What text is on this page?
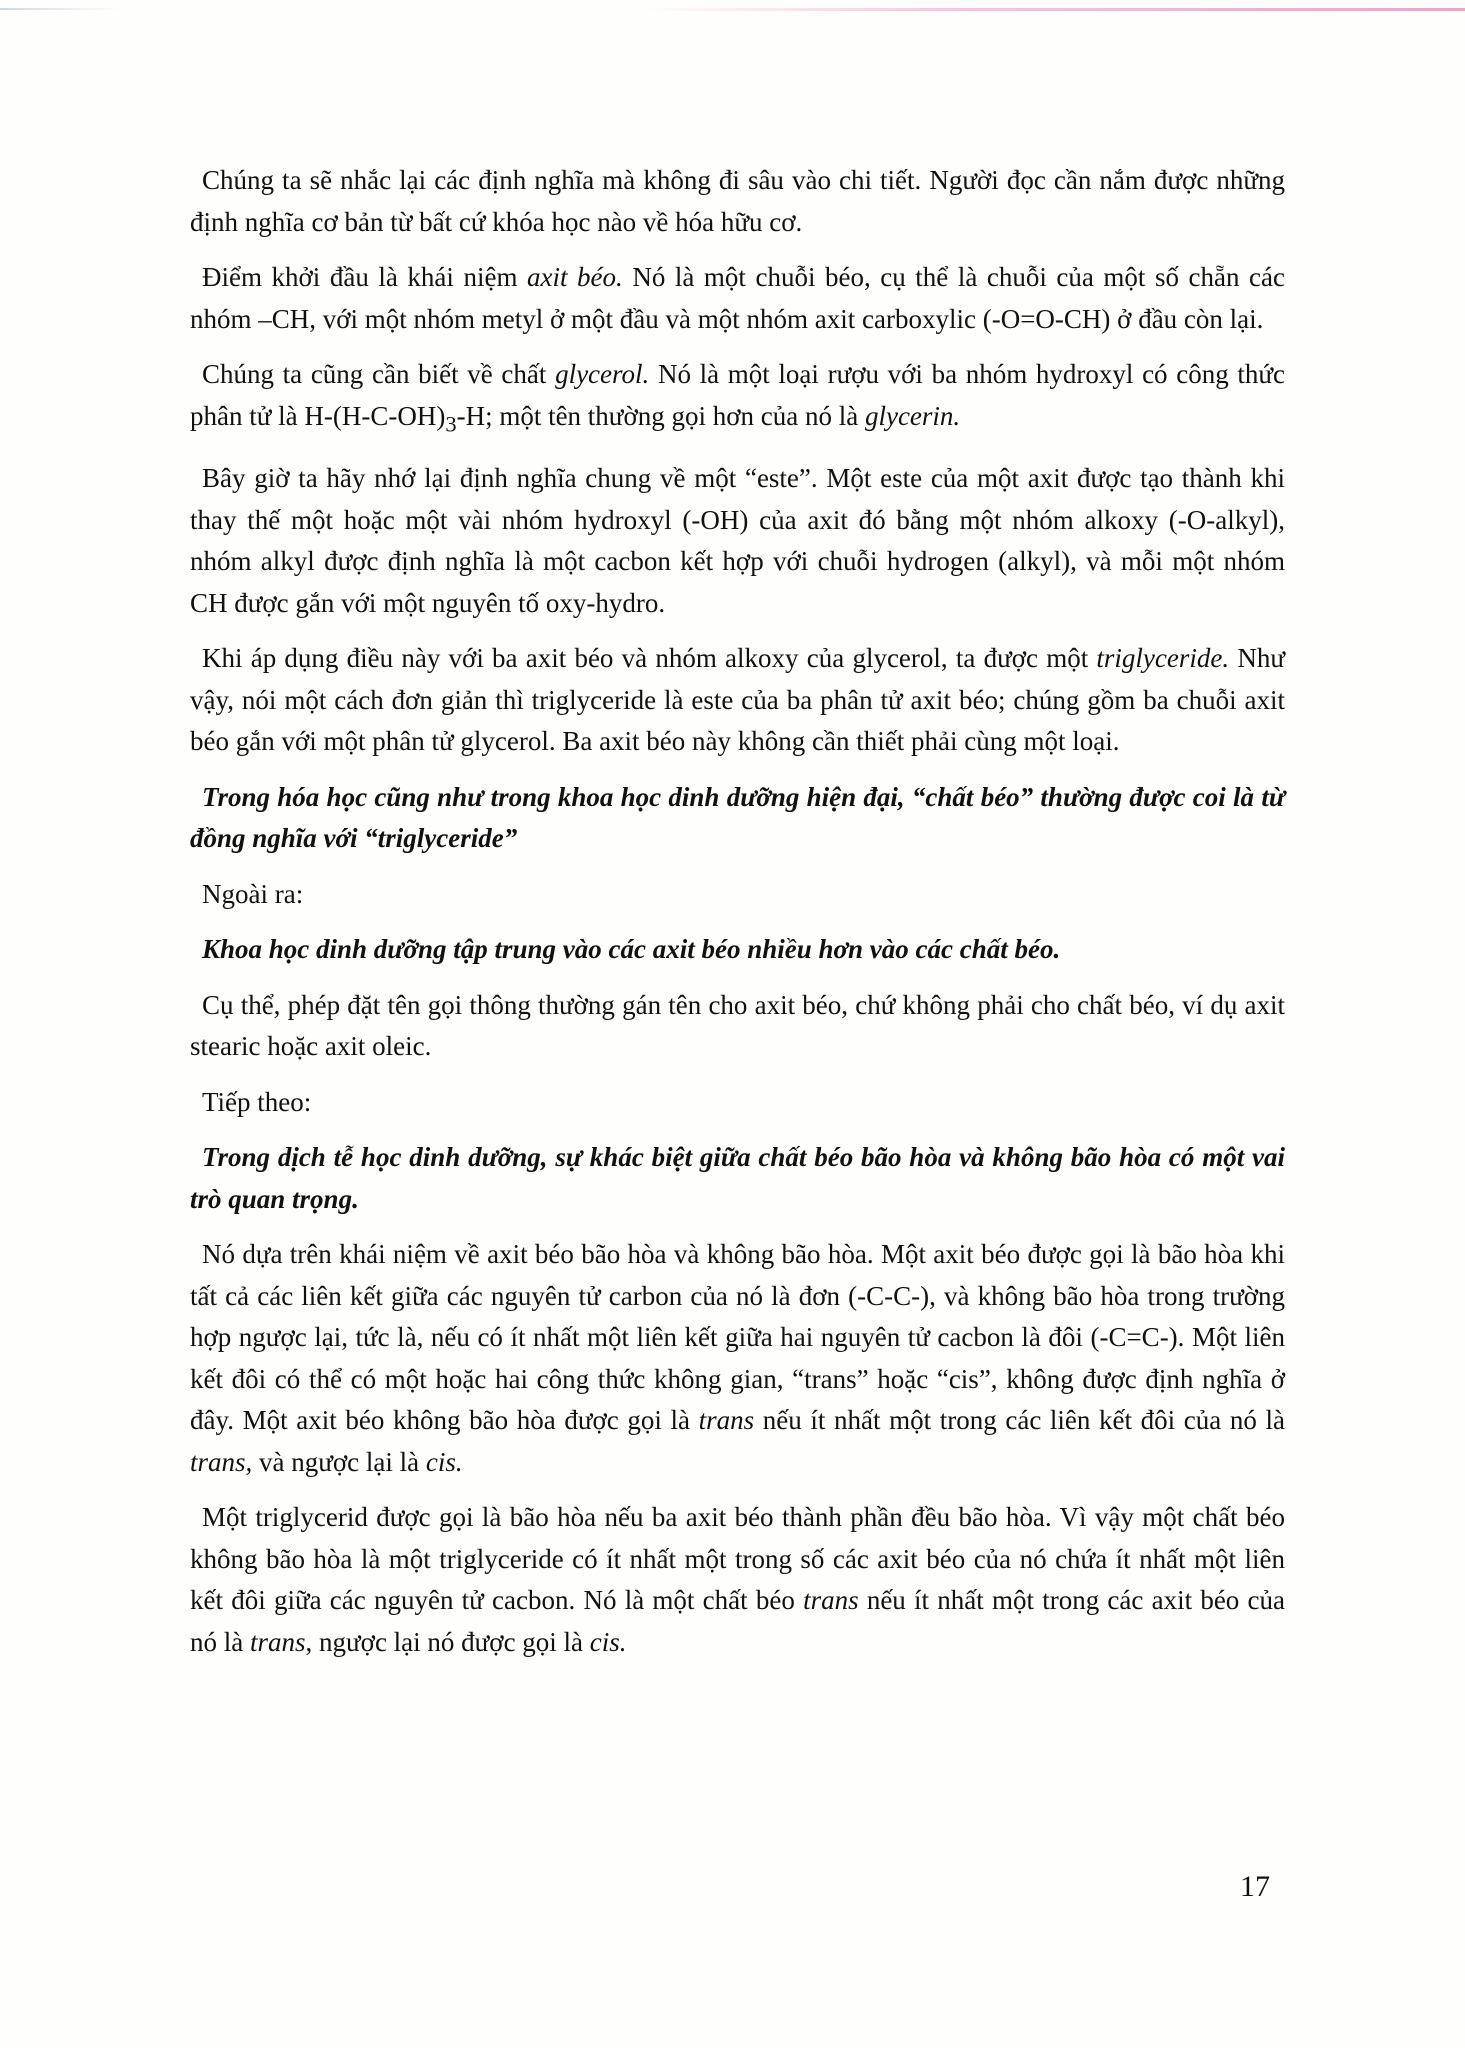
Chúng ta sẽ nhắc lại các định nghĩa mà không đi sâu vào chi tiết. Người đọc cần nắm được những định nghĩa cơ bản từ bất cứ khóa học nào về hóa hữu cơ.

Điểm khởi đầu là khái niệm axit béo. Nó là một chuỗi béo, cụ thể là chuỗi của một số chẵn các nhóm –CH, với một nhóm metyl ở một đầu và một nhóm axit carboxylic (-O=O-CH) ở đầu còn lại.

Chúng ta cũng cần biết về chất glycerol. Nó là một loại rượu với ba nhóm hydroxyl có công thức phân tử là $H-(H-C-OH)_3-H$; một tên thường gọi hơn của nó là glycerin.

Bây giờ ta hãy nhớ lại định nghĩa chung về một “este”. Một este của một axit được tạo thành khi thay thế một hoặc một vài nhóm hydroxyl (-OH) của axit đó bằng một nhóm alkoxy (-O-alkyl), nhóm alkyl được định nghĩa là một cacbon kết hợp với chuỗi hydrogen (alkyl), và mỗi một nhóm CH được gắn với một nguyên tố oxy-hydro.

Khi áp dụng điều này với ba axit béo và nhóm alkoxy của glycerol, ta được một triglyceride. Như vậy, nói một cách đơn giản thì triglyceride là este của ba phân tử axit béo; chúng gồm ba chuỗi axit béo gắn với một phân tử glycerol. Ba axit béo này không cần thiết phải cùng một loại.

Trong hóa học cũng như trong khoa học dinh dưỡng hiện đại, “chất béo” thường được coi là từ đồng nghĩa với “triglyceride”

Ngoài ra:

Khoa học dinh dưỡng tập trung vào các axit béo nhiều hơn vào các chất béo.

Cụ thể, phép đặt tên gọi thông thường gán tên cho axit béo, chứ không phải cho chất béo, ví dụ axit stearic hoặc axit oleic.

Tiếp theo:

Trong dịch tễ học dinh dưỡng, sự khác biệt giữa chất béo bão hòa và không bão hòa có một vai trò quan trọng.

Nó dựa trên khái niệm về axit béo bão hòa và không bão hòa. Một axit béo được gọi là bão hòa khi tất cả các liên kết giữa các nguyên tử carbon của nó là đơn (-C-C-), và không bão hòa trong trường hợp ngược lại, tức là, nếu có ít nhất một liên kết giữa hai nguyên tử cacbon là đôi (-C=C-). Một liên kết đôi có thể có một hoặc hai công thức không gian, “trans” hoặc “cis”, không được định nghĩa ở đây. Một axit béo không bão hòa được gọi là trans nếu ít nhất một trong các liên kết đôi của nó là trans, và ngược lại là cis.

Một triglycerid được gọi là bão hòa nếu ba axit béo thành phần đều bão hòa. Vì vậy một chất béo không bão hòa là một triglyceride có ít nhất một trong số các axit béo của nó chứa ít nhất một liên kết đôi giữa các nguyên tử cacbon. Nó là một chất béo trans nếu ít nhất một trong các axit béo của nó là trans, ngược lại nó được gọi là cis.

17
